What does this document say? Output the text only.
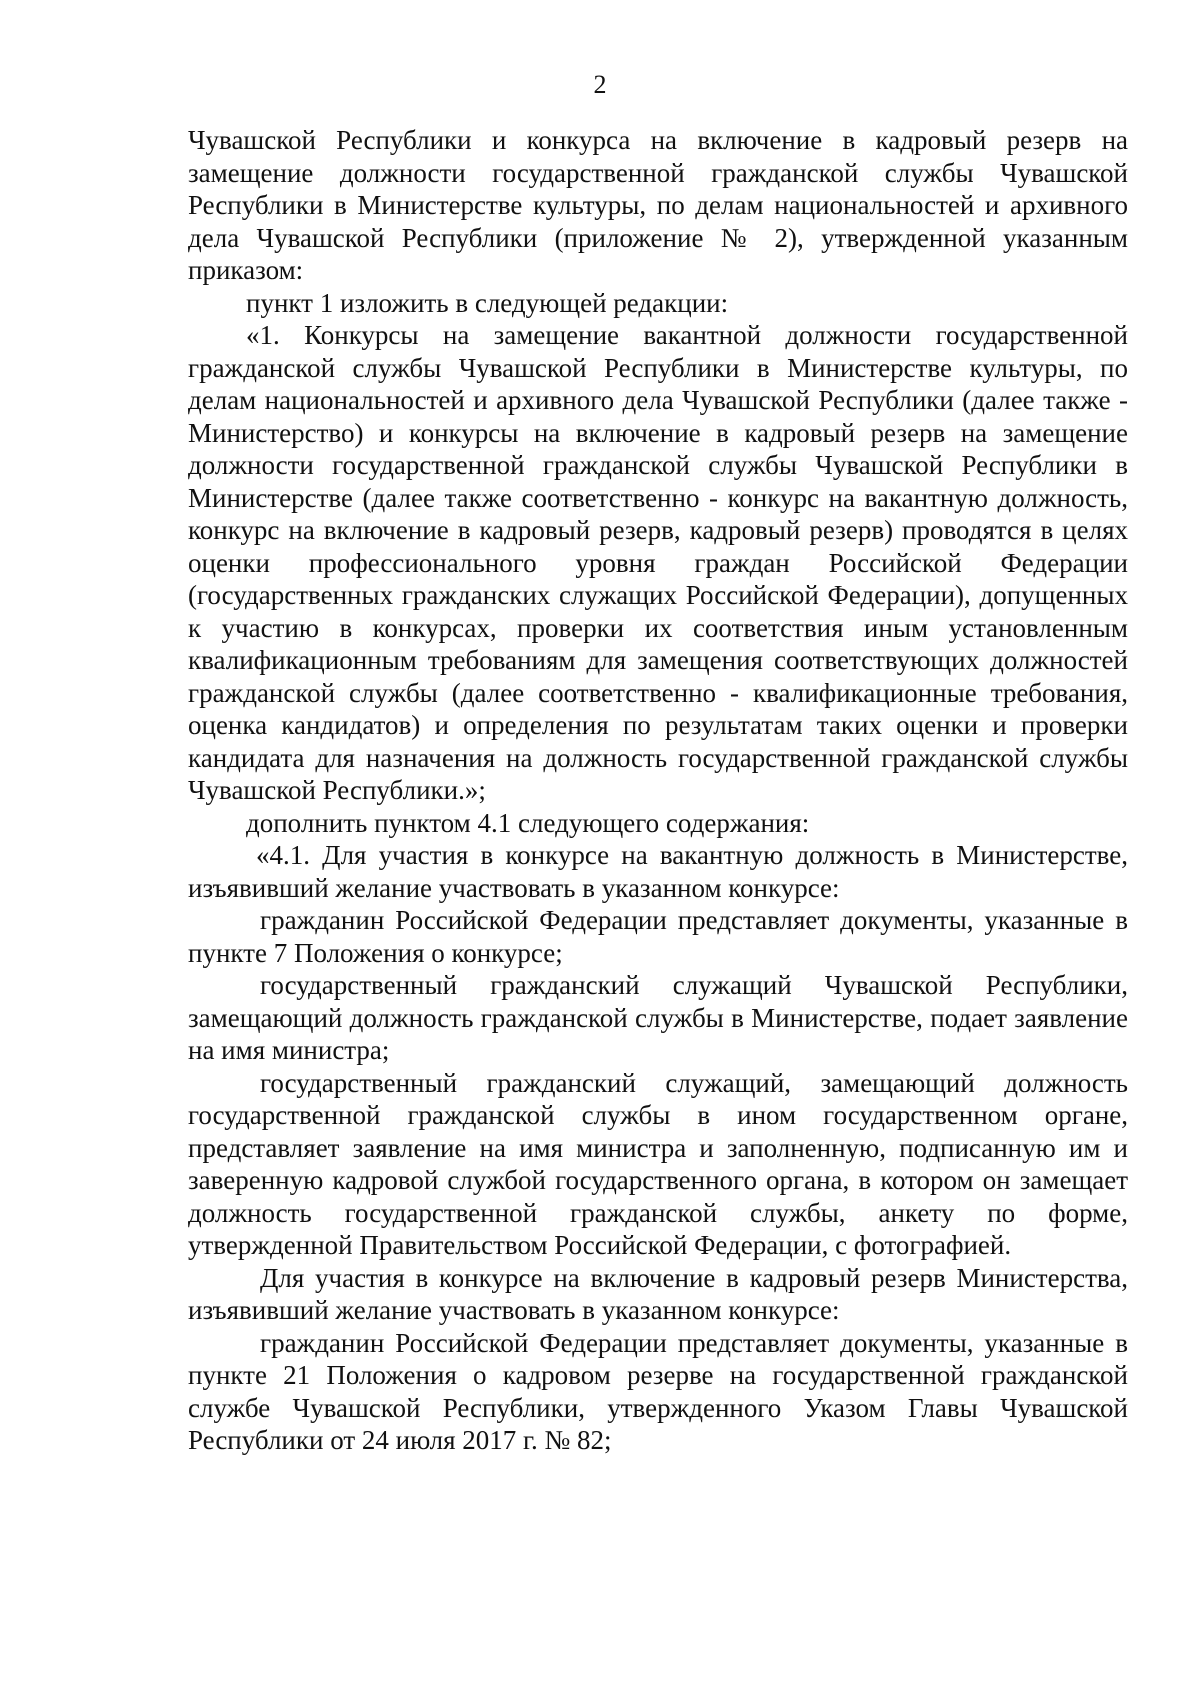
2

Чувашской Республики и конкурса на включение в кадровый резерв на замещение должности государственной гражданской службы Чувашской Республики в Министерстве культуры, по делам национальностей и архивного дела Чувашской Республики (приложение № 2), утвержденной указанным приказом:

пункт 1 изложить в следующей редакции:

«1. Конкурсы на замещение вакантной должности государственной гражданской службы Чувашской Республики в Министерстве культуры, по делам национальностей и архивного дела Чувашской Республики (далее также - Министерство) и конкурсы на включение в кадровый резерв на замещение должности государственной гражданской службы Чувашской Республики в Министерстве (далее также соответственно - конкурс на вакантную должность, конкурс на включение в кадровый резерв, кадровый резерв) проводятся в целях оценки профессионального уровня граждан Российской Федерации (государственных гражданских служащих Российской Федерации), допущенных к участию в конкурсах, проверки их соответствия иным установленным квалификационным требованиям для замещения соответствующих должностей гражданской службы (далее соответственно - квалификационные требования, оценка кандидатов) и определения по результатам таких оценки и проверки кандидата для назначения на должность государственной гражданской службы Чувашской Республики.»;

дополнить пунктом 4.1 следующего содержания:

«4.1. Для участия в конкурсе на вакантную должность в Министерстве, изъявивший желание участвовать в указанном конкурсе:

гражданин Российской Федерации представляет документы, указанные в пункте 7 Положения о конкурсе;

государственный гражданский служащий Чувашской Республики, замещающий должность гражданской службы в Министерстве, подает заявление на имя министра;

государственный гражданский служащий, замещающий должность государственной гражданской службы в ином государственном органе, представляет заявление на имя министра и заполненную, подписанную им и заверенную кадровой службой государственного органа, в котором он замещает должность государственной гражданской службы, анкету по форме, утвержденной Правительством Российской Федерации, с фотографией.

Для участия в конкурсе на включение в кадровый резерв Министерства, изъявивший желание участвовать в указанном конкурсе:

гражданин Российской Федерации представляет документы, указанные в пункте 21 Положения о кадровом резерве на государственной гражданской службе Чувашской Республики, утвержденного Указом Главы Чувашской Республики от 24 июля 2017 г. № 82;
